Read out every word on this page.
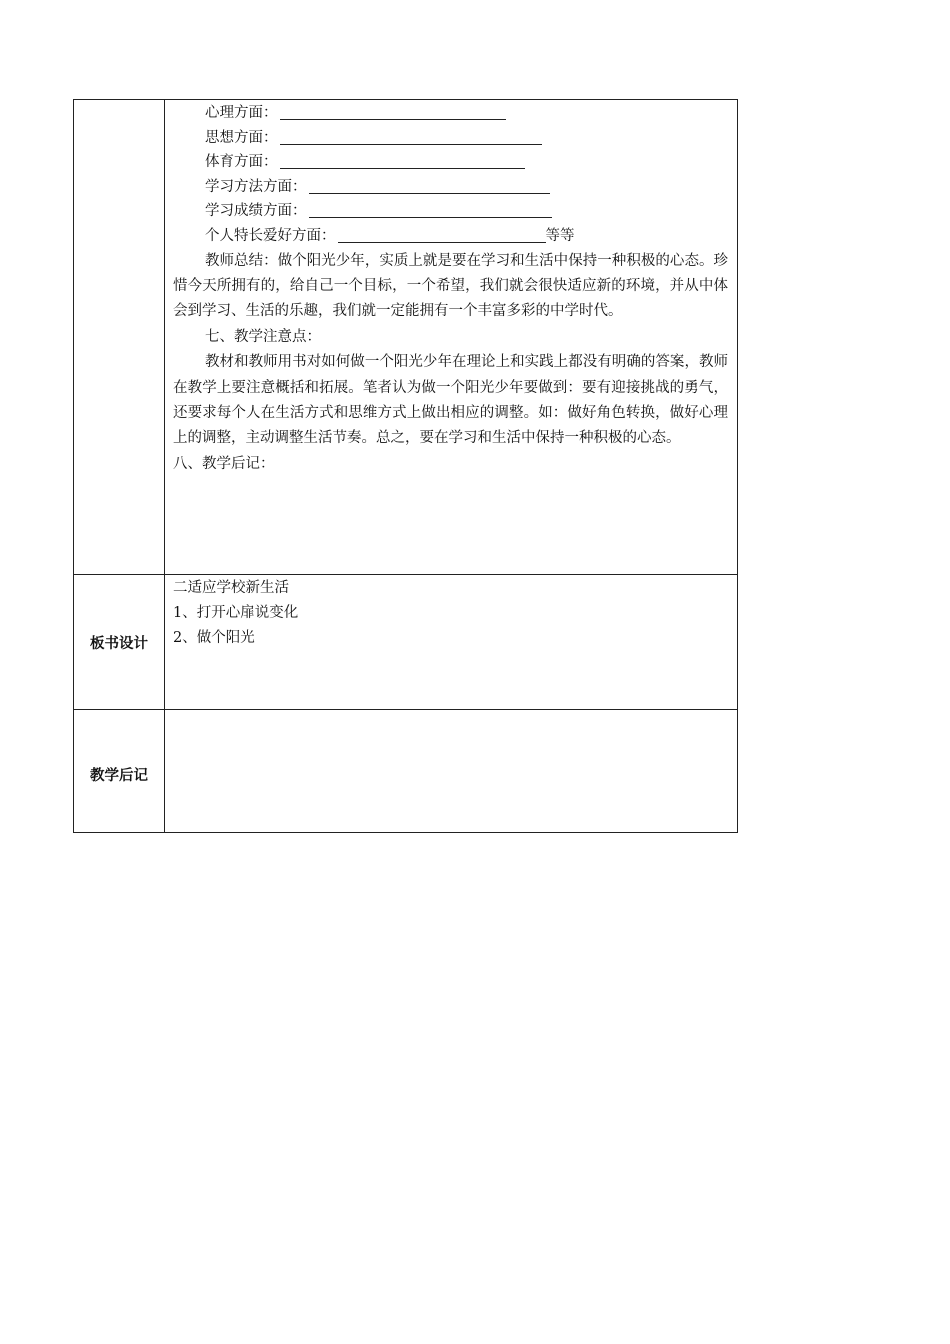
心理方面：
思想方面：
体育方面：
学习方法方面：
学习成绩方面：
个人特长爱好方面：	等等

教师总结：做个阳光少年，实质上就是要在学习和生活中保持一种积极的心态。珍惜今天所拥有的，给自己一个目标，一个希望，我们就会很快适应新的环境，并从中体会到学习、生活的乐趣，我们就一定能拥有一个丰富多彩的中学时代。

七、教学注意点：

教材和教师用书对如何做一个阳光少年在理论上和实践上都没有明确的答案，教师在教学上要注意概括和拓展。笔者认为做一个阳光少年要做到：要有迎接挑战的勇气，还要求每个人在生活方式和思维方式上做出相应的调整。如：做好角色转换，做好心理上的调整，主动调整生活节奏。总之，要在学习和生活中保持一种积极的心态。

八、教学后记：

板书设计
二适应学校新生活
1、打开心扉说变化
2、做个阳光
教学后记
